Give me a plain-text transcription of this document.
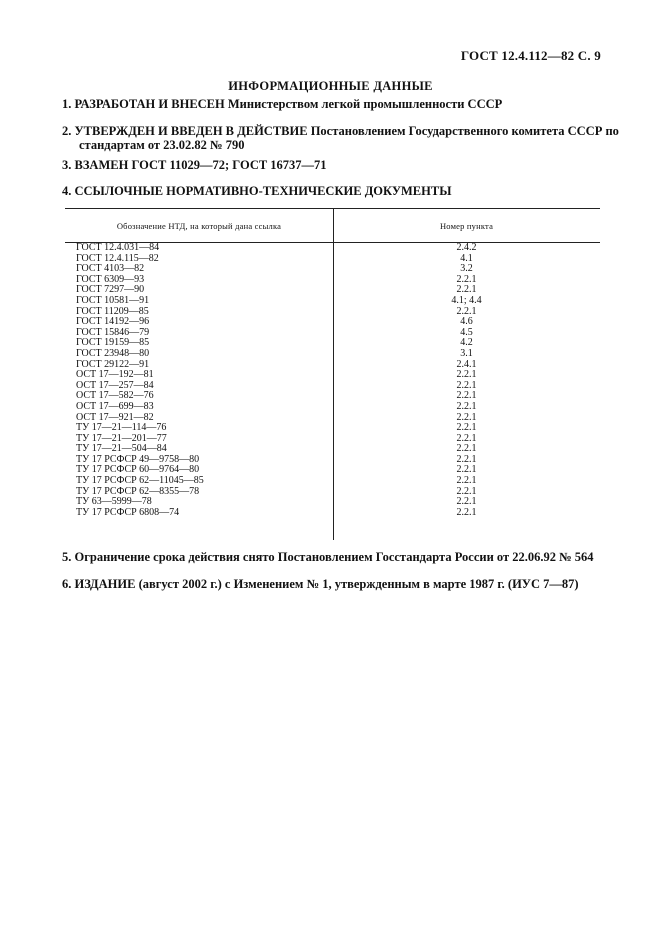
ГОСТ 12.4.112—82 С. 9
ИНФОРМАЦИОННЫЕ ДАННЫЕ
1. РАЗРАБОТАН И ВНЕСЕН Министерством легкой промышленности СССР
2. УТВЕРЖДЕН И ВВЕДЕН В ДЕЙСТВИЕ Постановлением Государственного комитета СССР по
стандартам от 23.02.82 № 790
3. ВЗАМЕН ГОСТ 11029—72; ГОСТ 16737—71
4. ССЫЛОЧНЫЕ НОРМАТИВНО-ТЕХНИЧЕСКИЕ ДОКУМЕНТЫ
Обозначение НТД, на который дана ссылка	Номер пункта
ГОСТ 12.4.031—84	2.4.2
ГОСТ 12.4.115—82	4.1
ГОСТ 4103—82	3.2
ГОСТ 6309—93	2.2.1
ГОСТ 7297—90	2.2.1
ГОСТ 10581—91	4.1; 4.4
ГОСТ 11209—85	2.2.1
ГОСТ 14192—96	4.6
ГОСТ 15846—79	4.5
ГОСТ 19159—85	4.2
ГОСТ 23948—80	3.1
ГОСТ 29122—91	2.4.1
ОСТ 17—192—81	2.2.1
ОСТ 17—257—84	2.2.1
ОСТ 17—582—76	2.2.1
ОСТ 17—699—83	2.2.1
ОСТ 17—921—82	2.2.1
ТУ 17—21—114—76	2.2.1
ТУ 17—21—201—77	2.2.1
ТУ 17—21—504—84	2.2.1
ТУ 17 РСФСР 49—9758—80	2.2.1
ТУ 17 РСФСР 60—9764—80	2.2.1
ТУ 17 РСФСР 62—11045—85	2.2.1
ТУ 17 РСФСР 62—8355—78	2.2.1
ТУ 63—5999—78	2.2.1
ТУ 17 РСФСР 6808—74	2.2.1
5. Ограничение срока действия снято Постановлением Госстандарта России от 22.06.92 № 564
6. ИЗДАНИЕ (август 2002 г.) с Изменением № 1, утвержденным в марте 1987 г. (ИУС 7—87)
